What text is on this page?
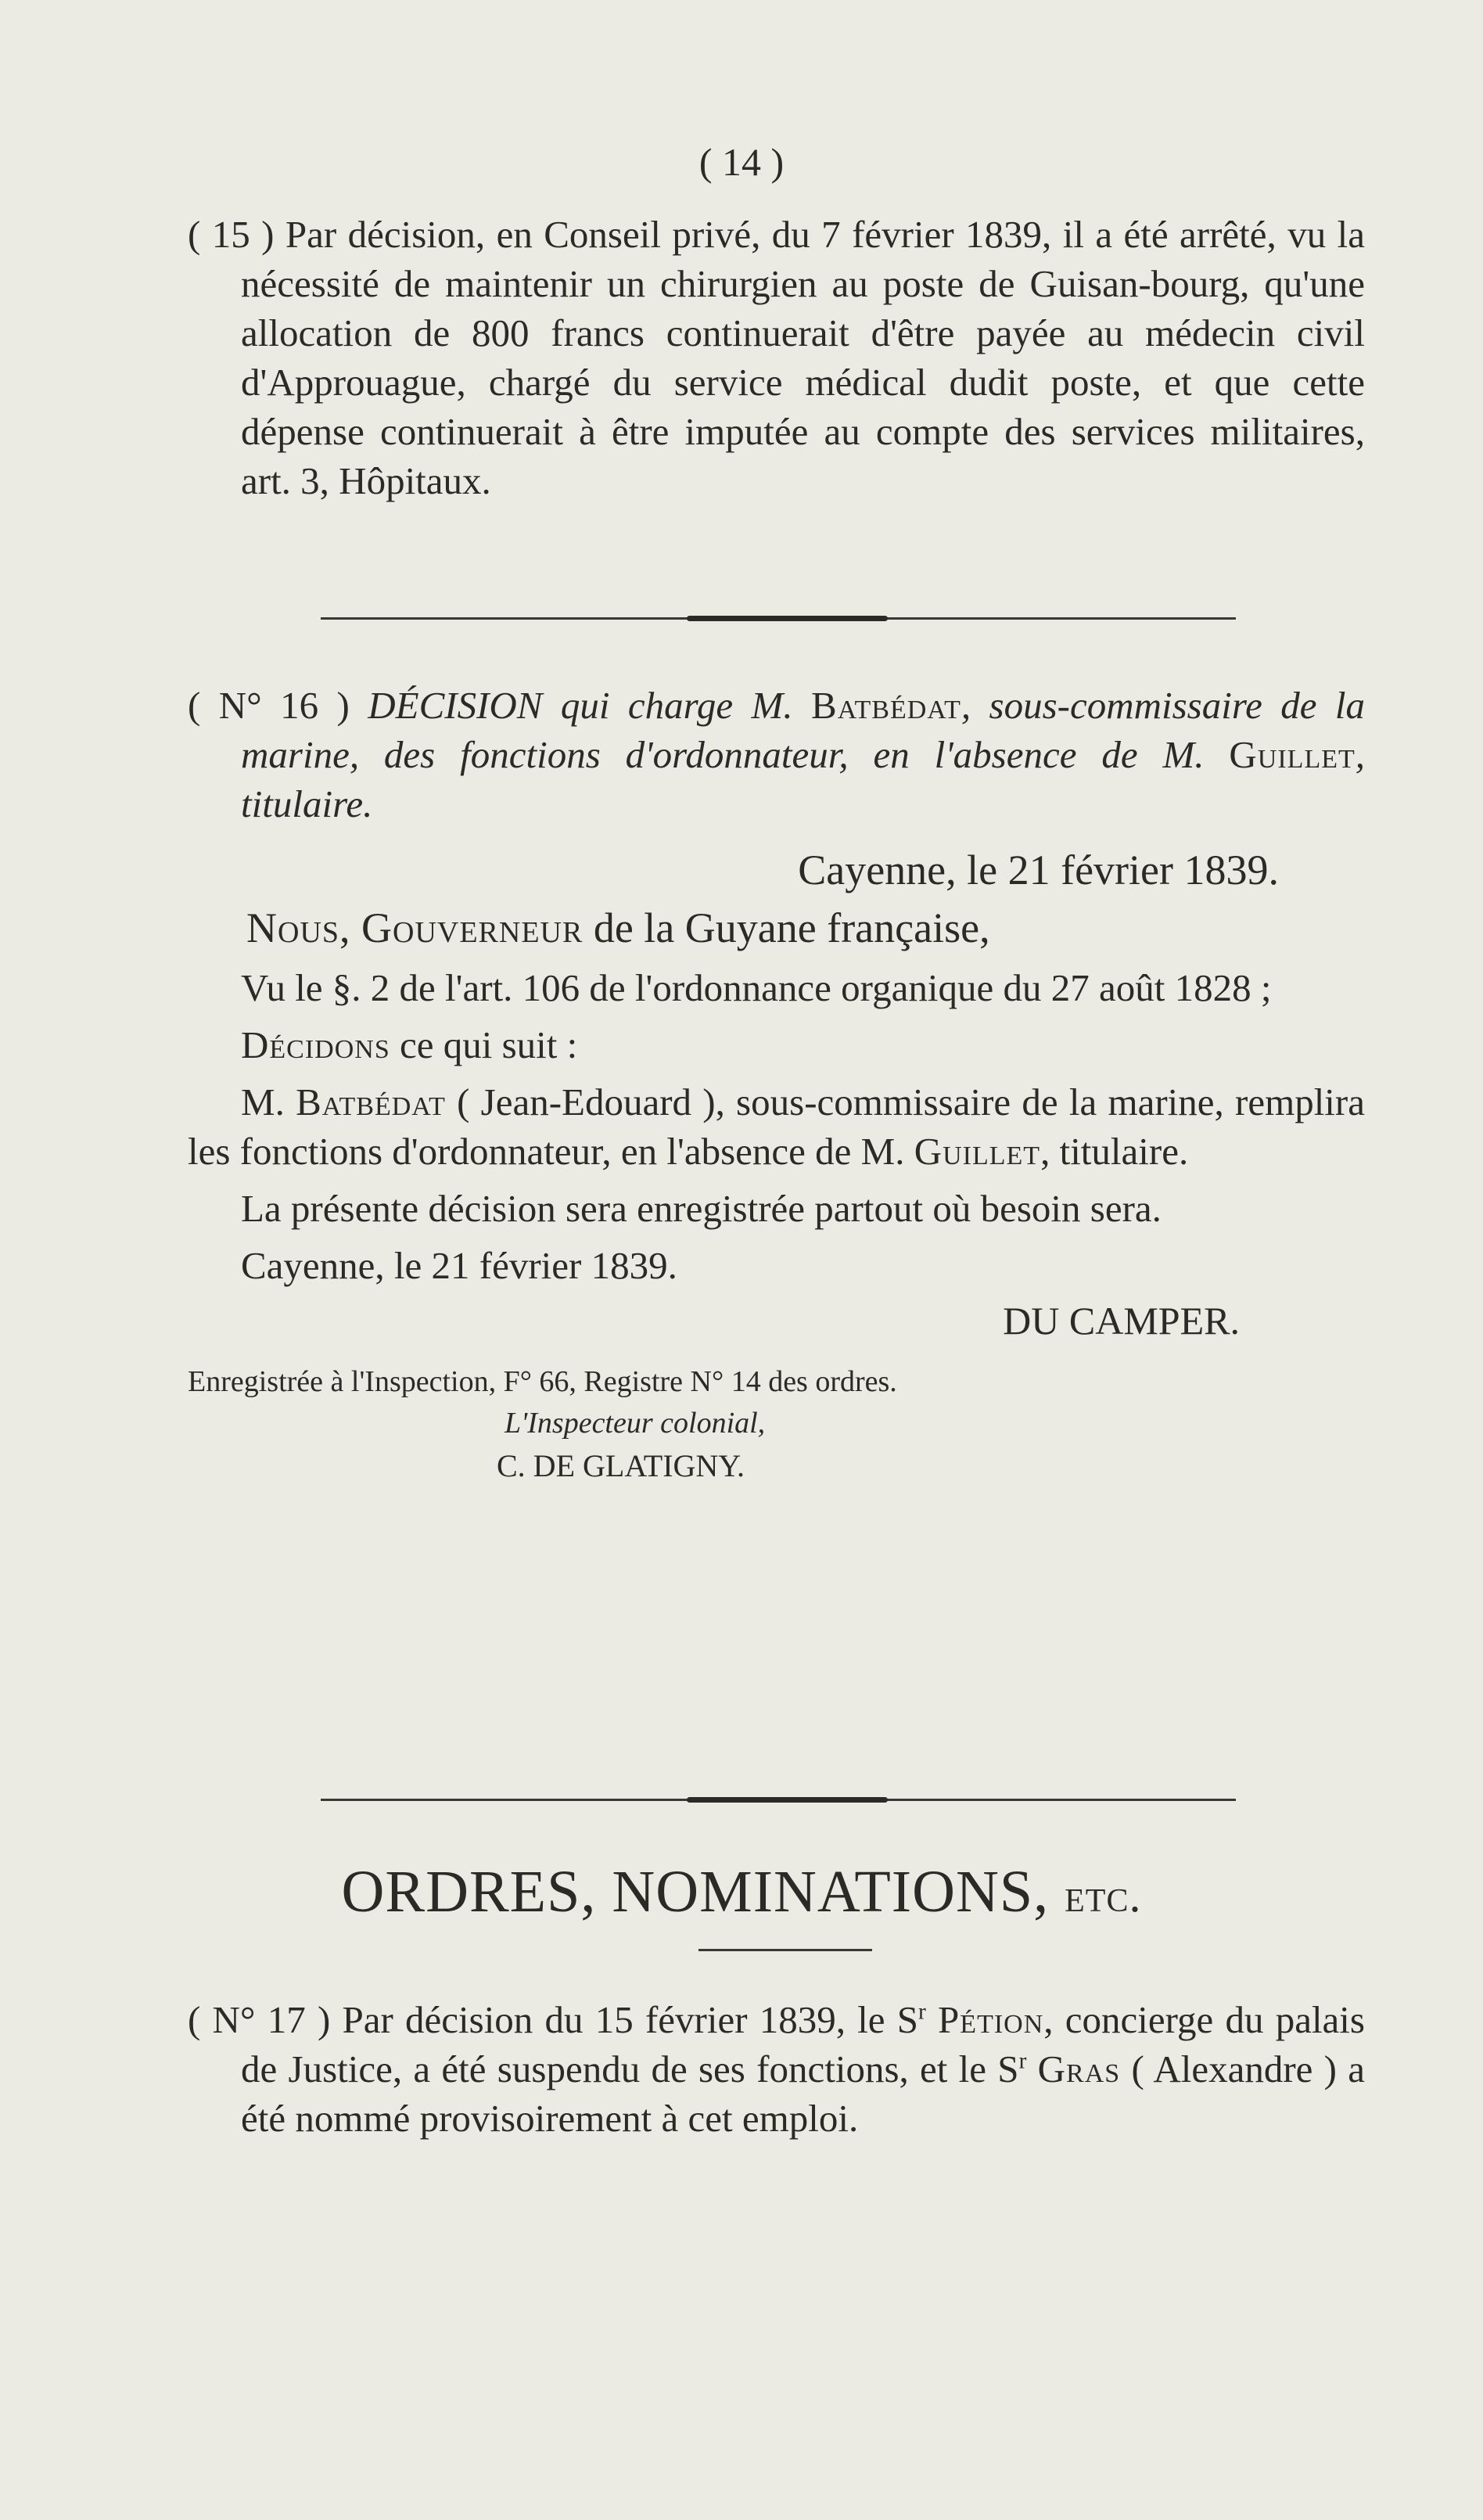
( 14 )

( 15 ) Par décision, en Conseil privé, du 7 février 1839, il a été arrêté, vu la nécessité de maintenir un chirurgien au poste de Guisan-bourg, qu'une allocation de 800 francs continuerait d'être payée au médecin civil d'Approuague, chargé du service médical dudit poste, et que cette dépense continuerait à être imputée au compte des services militaires, art. 3, Hôpitaux.

( N° 16 ) DÉCISION qui charge M. Batbédat, sous-commissaire de la marine, des fonctions d'ordonnateur, en l'absence de M. Guillet, titulaire.

Cayenne, le 21 février 1839.

Nous, Gouverneur de la Guyane française,

Vu le §. 2 de l'art. 106 de l'ordonnance organique du 27 août 1828 ;

Décidons ce qui suit :

M. Batbédat ( Jean-Edouard ), sous-commissaire de la marine, remplira les fonctions d'ordonnateur, en l'absence de M. Guillet, titulaire.

La présente décision sera enregistrée partout où besoin sera.

Cayenne, le 21 février 1839.

DU CAMPER.

Enregistrée à l'Inspection, F° 66, Registre N° 14 des ordres.

L'Inspecteur colonial,

C. DE GLATIGNY.

ORDRES, NOMINATIONS, etc.

( N° 17 ) Par décision du 15 février 1839, le $S^r$ Pétion, concierge du palais de Justice, a été suspendu de ses fonctions, et le $S^r$ Gras ( Alexandre ) a été nommé provisoirement à cet emploi.
